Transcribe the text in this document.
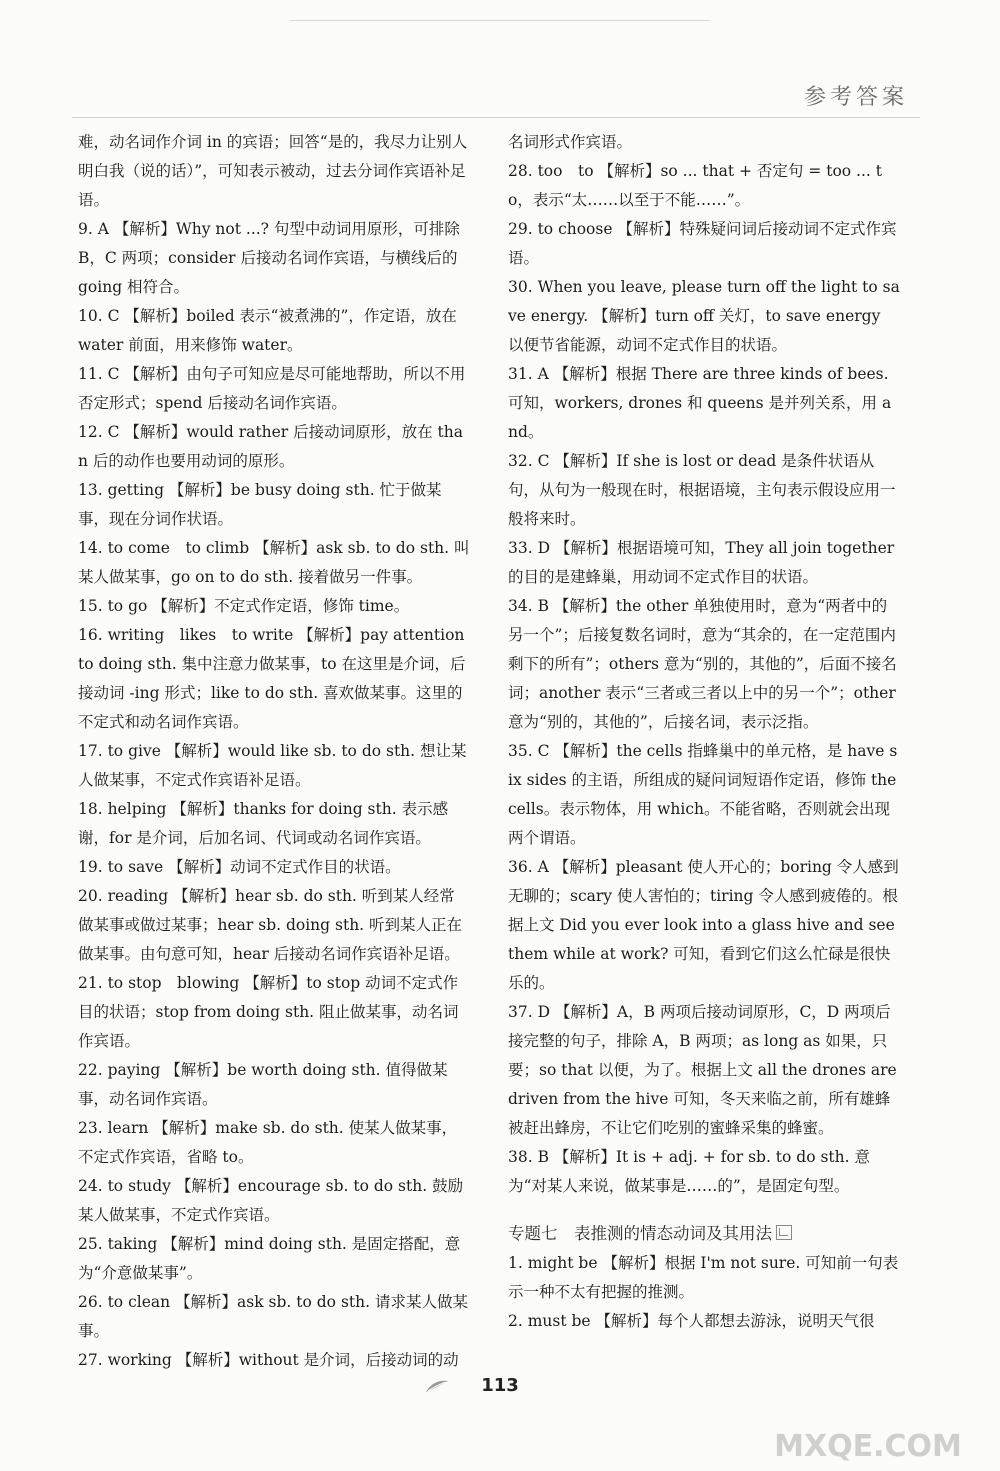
参考答案

难，动名词作介词 in 的宾语；回答“是的，我尽力让别人明白我（说的话）”，可知表示被动，过去分词作宾语补足语。

9. A 【解析】Why not ...? 句型中动词用原形，可排除 B，C 两项；consider 后接动名词作宾语，与横线后的 going 相符合。

10. C 【解析】boiled 表示“被煮沸的”，作定语，放在 water 前面，用来修饰 water。

11. C 【解析】由句子可知应是尽可能地帮助，所以不用否定形式；spend 后接动名词作宾语。

12. C 【解析】would rather 后接动词原形，放在 than 后的动作也要用动词的原形。

13. getting 【解析】be busy doing sth. 忙于做某事，现在分词作状语。

14. to come　to climb 【解析】ask sb. to do sth. 叫某人做某事，go on to do sth. 接着做另一件事。

15. to go 【解析】不定式作定语，修饰 time。

16. writing　likes　to write 【解析】pay attention to doing sth. 集中注意力做某事，to 在这里是介词，后接动词 -ing 形式；like to do sth. 喜欢做某事。这里的不定式和动名词作宾语。

17. to give 【解析】would like sb. to do sth. 想让某人做某事，不定式作宾语补足语。

18. helping 【解析】thanks for doing sth. 表示感谢，for 是介词，后加名词、代词或动名词作宾语。

19. to save 【解析】动词不定式作目的状语。

20. reading 【解析】hear sb. do sth. 听到某人经常做某事或做过某事；hear sb. doing sth. 听到某人正在做某事。由句意可知，hear 后接动名词作宾语补足语。

21. to stop　blowing 【解析】to stop 动词不定式作目的状语；stop from doing sth. 阻止做某事，动名词作宾语。

22. paying 【解析】be worth doing sth. 值得做某事，动名词作宾语。

23. learn 【解析】make sb. do sth. 使某人做某事，不定式作宾语，省略 to。

24. to study 【解析】encourage sb. to do sth. 鼓励某人做某事，不定式作宾语。

25. taking 【解析】mind doing sth. 是固定搭配，意为“介意做某事”。

26. to clean 【解析】ask sb. to do sth. 请求某人做某事。

27. working 【解析】without 是介词，后接动词的动

名词形式作宾语。

28. too　to 【解析】so ... that + 否定句 = too ... to，表示“太……以至于不能……”。

29. to choose 【解析】特殊疑问词后接动词不定式作宾语。

30. When you leave, please turn off the light to save energy. 【解析】turn off 关灯，to save energy 以便节省能源，动词不定式作目的状语。

31. A 【解析】根据 There are three kinds of bees. 可知，workers, drones 和 queens 是并列关系，用 and。

32. C 【解析】If she is lost or dead 是条件状语从句，从句为一般现在时，根据语境，主句表示假设应用一般将来时。

33. D 【解析】根据语境可知，They all join together 的目的是建蜂巢，用动词不定式作目的状语。

34. B 【解析】the other 单独使用时，意为“两者中的另一个”；后接复数名词时，意为“其余的，在一定范围内剩下的所有”；others 意为“别的，其他的”，后面不接名词；another 表示“三者或三者以上中的另一个”；other 意为“别的，其他的”，后接名词，表示泛指。

35. C 【解析】the cells 指蜂巢中的单元格，是 have six sides 的主语，所组成的疑问词短语作定语，修饰 the cells。表示物体，用 which。不能省略，否则就会出现两个谓语。

36. A 【解析】pleasant 使人开心的；boring 令人感到无聊的；scary 使人害怕的；tiring 令人感到疲倦的。根据上文 Did you ever look into a glass hive and see them while at work? 可知，看到它们这么忙碌是很快乐的。

37. D 【解析】A，B 两项后接动词原形，C，D 两项后接完整的句子，排除 A，B 两项；as long as 如果，只要；so that 以便，为了。根据上文 all the drones are driven from the hive 可知，冬天来临之前，所有雄蜂被赶出蜂房，不让它们吃别的蜜蜂采集的蜂蜜。

38. B 【解析】It is + adj. + for sb. to do sth. 意为“对某人来说，做某事是……的”，是固定句型。

专题七　表推测的情态动词及其用法

1. might be 【解析】根据 I'm not sure. 可知前一句表示一种不太有把握的推测。

2. must be 【解析】每个人都想去游泳，说明天气很

113
MXQE.COM
